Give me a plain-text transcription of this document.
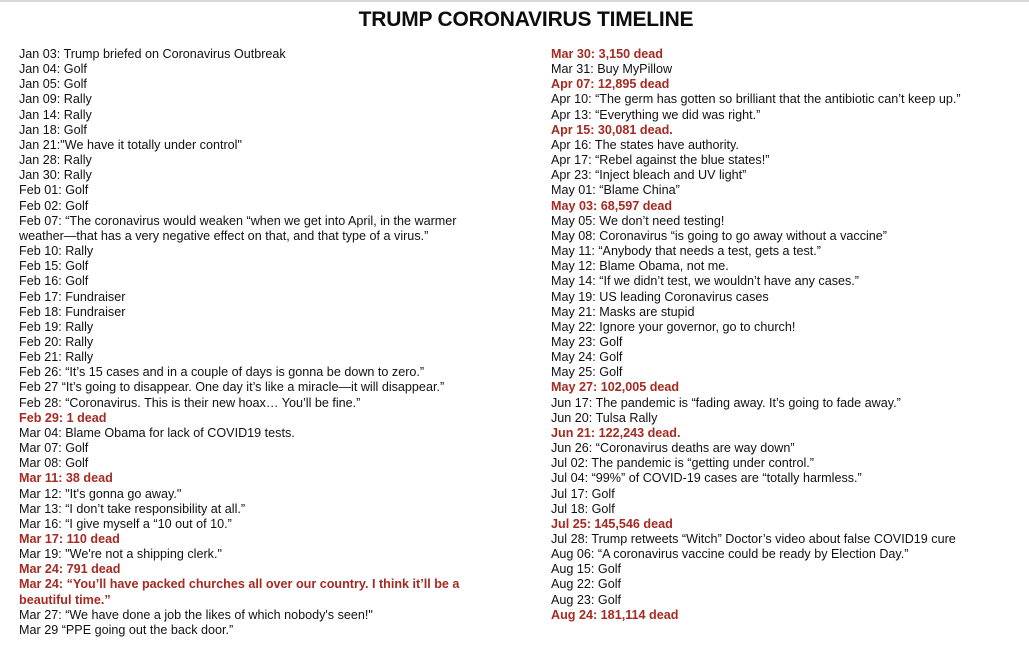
TRUMP CORONAVIRUS TIMELINE

Jan 03: Trump briefed on Coronavirus Outbreak

Jan 04: Golf

Jan 05: Golf

Jan 09: Rally

Jan 14: Rally

Jan 18: Golf

Jan 21:"We have it totally under control"

Jan 28: Rally

Jan 30: Rally

Feb 01: Golf

Feb 02: Golf

Feb 07: “The coronavirus would weaken “when we get into April, in the warmer weather—that has a very negative effect on that, and that type of a virus.”

Feb 10: Rally

Feb 15: Golf

Feb 16: Golf

Feb 17: Fundraiser

Feb 18: Fundraiser

Feb 19: Rally

Feb 20: Rally

Feb 21: Rally

Feb 26: “It’s 15 cases and in a couple of days is gonna be down to zero.”

Feb 27 “It’s going to disappear. One day it’s like a miracle—it will disappear.”

Feb 28: “Coronavirus. This is their new hoax… You’ll be fine.”

Feb 29: 1 dead

Mar 04: Blame Obama for lack of COVID19 tests.

Mar 07: Golf

Mar 08: Golf

Mar 11: 38 dead

Mar 12: "It's gonna go away."

Mar 13: “I don’t take responsibility at all.”

Mar 16: “I give myself a “10 out of 10.”

Mar 17: 110 dead

Mar 19: "We're not a shipping clerk."

Mar 24: 791 dead

Mar 24: “You’ll have packed churches all over our country. I think it’ll be a beautiful time.”

Mar 27: “We have done a job the likes of which nobody's seen!"

Mar 29 “PPE going out the back door.”

Mar 30: 3,150 dead

Mar 31: Buy MyPillow

Apr 07: 12,895 dead

Apr 10: “The germ has gotten so brilliant that the antibiotic can’t keep up.”

Apr 13: “Everything we did was right.”

Apr 15: 30,081 dead.

Apr 16: The states have authority.

Apr 17: “Rebel against the blue states!”

Apr 23: “Inject bleach and UV light”

May 01: “Blame China”

May 03: 68,597 dead

May 05: We don’t need testing!

May 08: Coronavirus “is going to go away without a vaccine”

May 11: “Anybody that needs a test, gets a test.”

May 12: Blame Obama, not me.

May 14: “If we didn’t test, we wouldn’t have any cases.”

May 19: US leading Coronavirus cases

May 21: Masks are stupid

May 22: Ignore your governor, go to church!

May 23: Golf

May 24: Golf

May 25: Golf

May 27: 102,005 dead

Jun 17: The pandemic is “fading away. It’s going to fade away.”

Jun 20: Tulsa Rally

Jun 21: 122,243 dead.

Jun 26: “Coronavirus deaths are way down”

Jul 02: The pandemic is “getting under control.”

Jul 04: “99%” of COVID-19 cases are “totally harmless.”

Jul 17: Golf

Jul 18: Golf

Jul 25: 145,546 dead

Jul 28: Trump retweets “Witch” Doctor’s video about false COVID19 cure

Aug 06: “A coronavirus vaccine could be ready by Election Day.”

Aug 15: Golf

Aug 22: Golf

Aug 23: Golf

Aug 24: 181,114 dead
